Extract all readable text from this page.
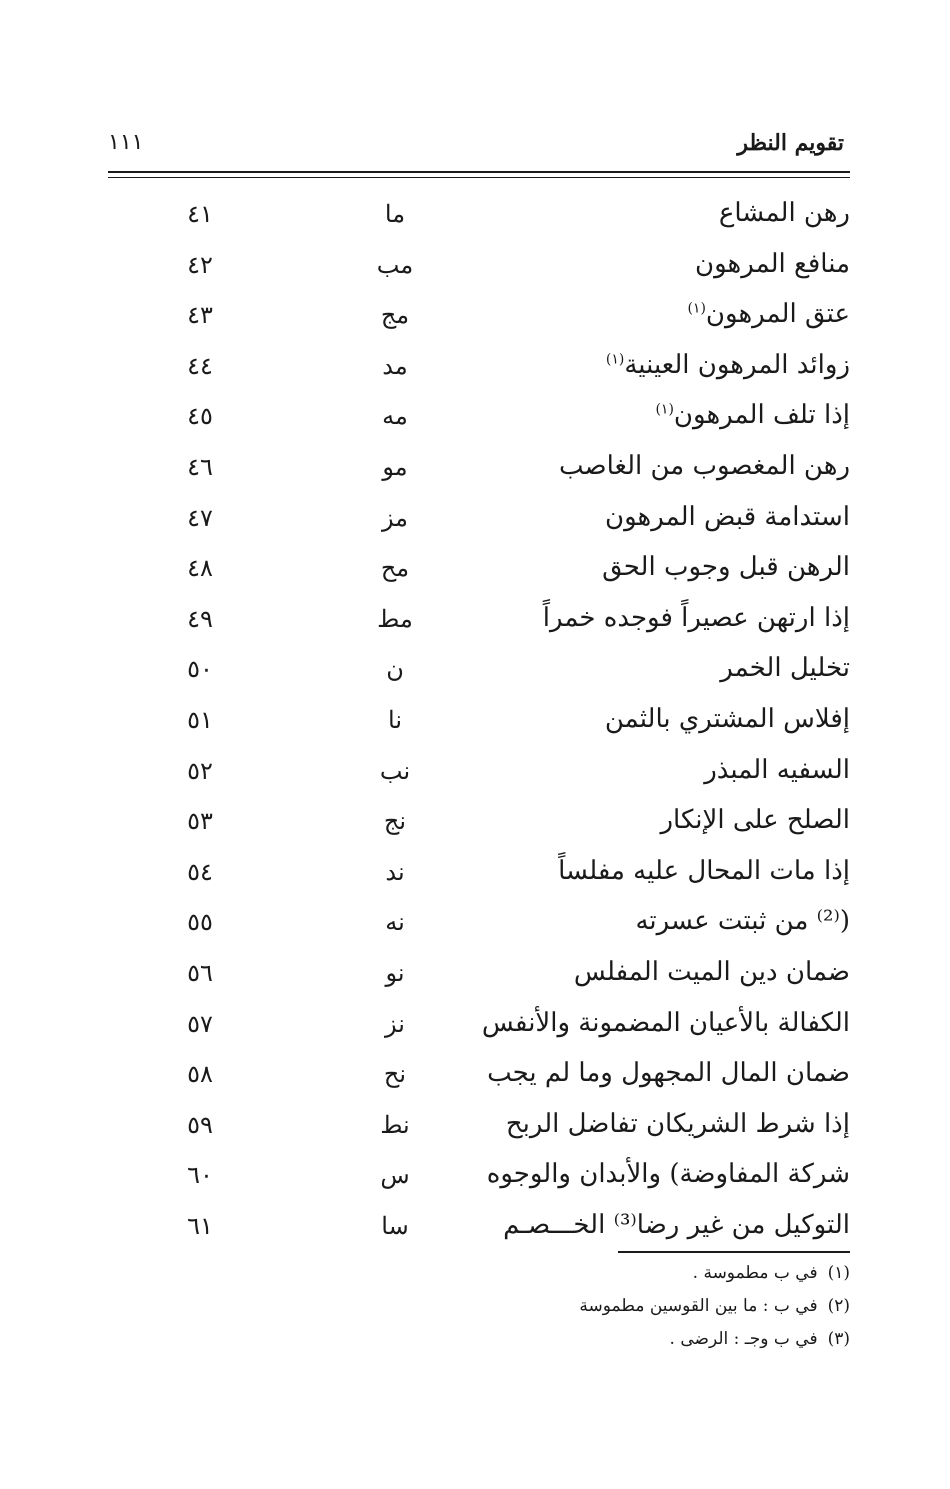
تقويم النظر
١١١
رهن المشاع
ما
٤١
منافع المرهون
مب
٤٢
عتق المرهون$^{(١)}$
مج
٤٣
زوائد المرهون العينية$^{(١)}$
مد
٤٤
إذا تلف المرهون$^{(١)}$
مه
٤٥
رهن المغصوب من الغاصب
مو
٤٦
استدامة قبض المرهون
مز
٤٧
الرهن قبل وجوب الحق
مح
٤٨
إذا ارتهن عصيراً فوجده خمراً
مط
٤٩
تخليل الخمر
ن
٥٠
إفلاس المشتري بالثمن
نا
٥١
السفيه المبذر
نب
٥٢
الصلح على الإنكار
نج
٥٣
إذا مات المحال عليه مفلساً
ند
٥٤
(⁽²⁾ من ثبتت عسرته
نه
٥٥
ضمان دين الميت المفلس
نو
٥٦
الكفالة بالأعيان المضمونة والأنفس
نز
٥٧
ضمان المال المجهول وما لم يجب
نح
٥٨
إذا شرط الشريكان تفاضل الربح
نط
٥٩
شركة المفاوضة) والأبدان والوجوه
س
٦٠
التوكيل من غير رضا⁽³⁾ الخـــصـم
سا
٦١
(١)في ب مطموسة .
(٢)في ب : ما بين القوسين مطموسة
(٣)في ب وجـ : الرضى .
